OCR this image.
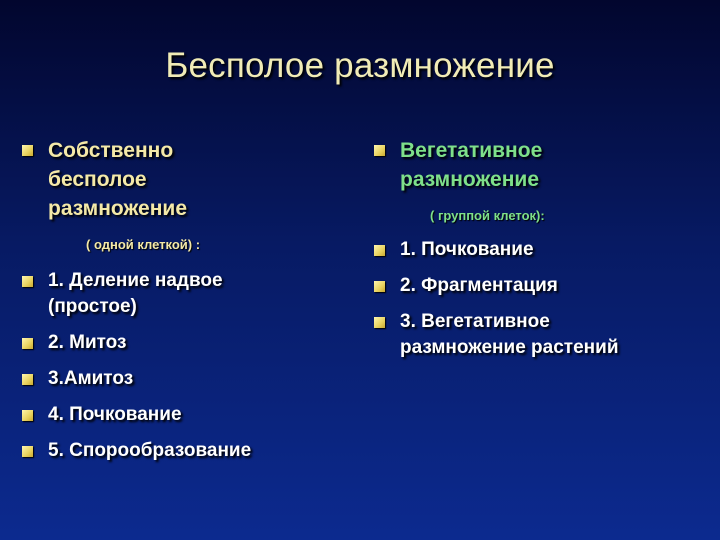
Бесполое размножение
Собственно
бесполое
размножение
( одной клеткой) :
1. Деление надвое
(простое)
2. Митоз
3.Амитоз
4. Почкование
5. Спорообразование
Вегетативное
размножение
( группой клеток):
1. Почкование
2. Фрагментация
3. Вегетативное
размножение растений
